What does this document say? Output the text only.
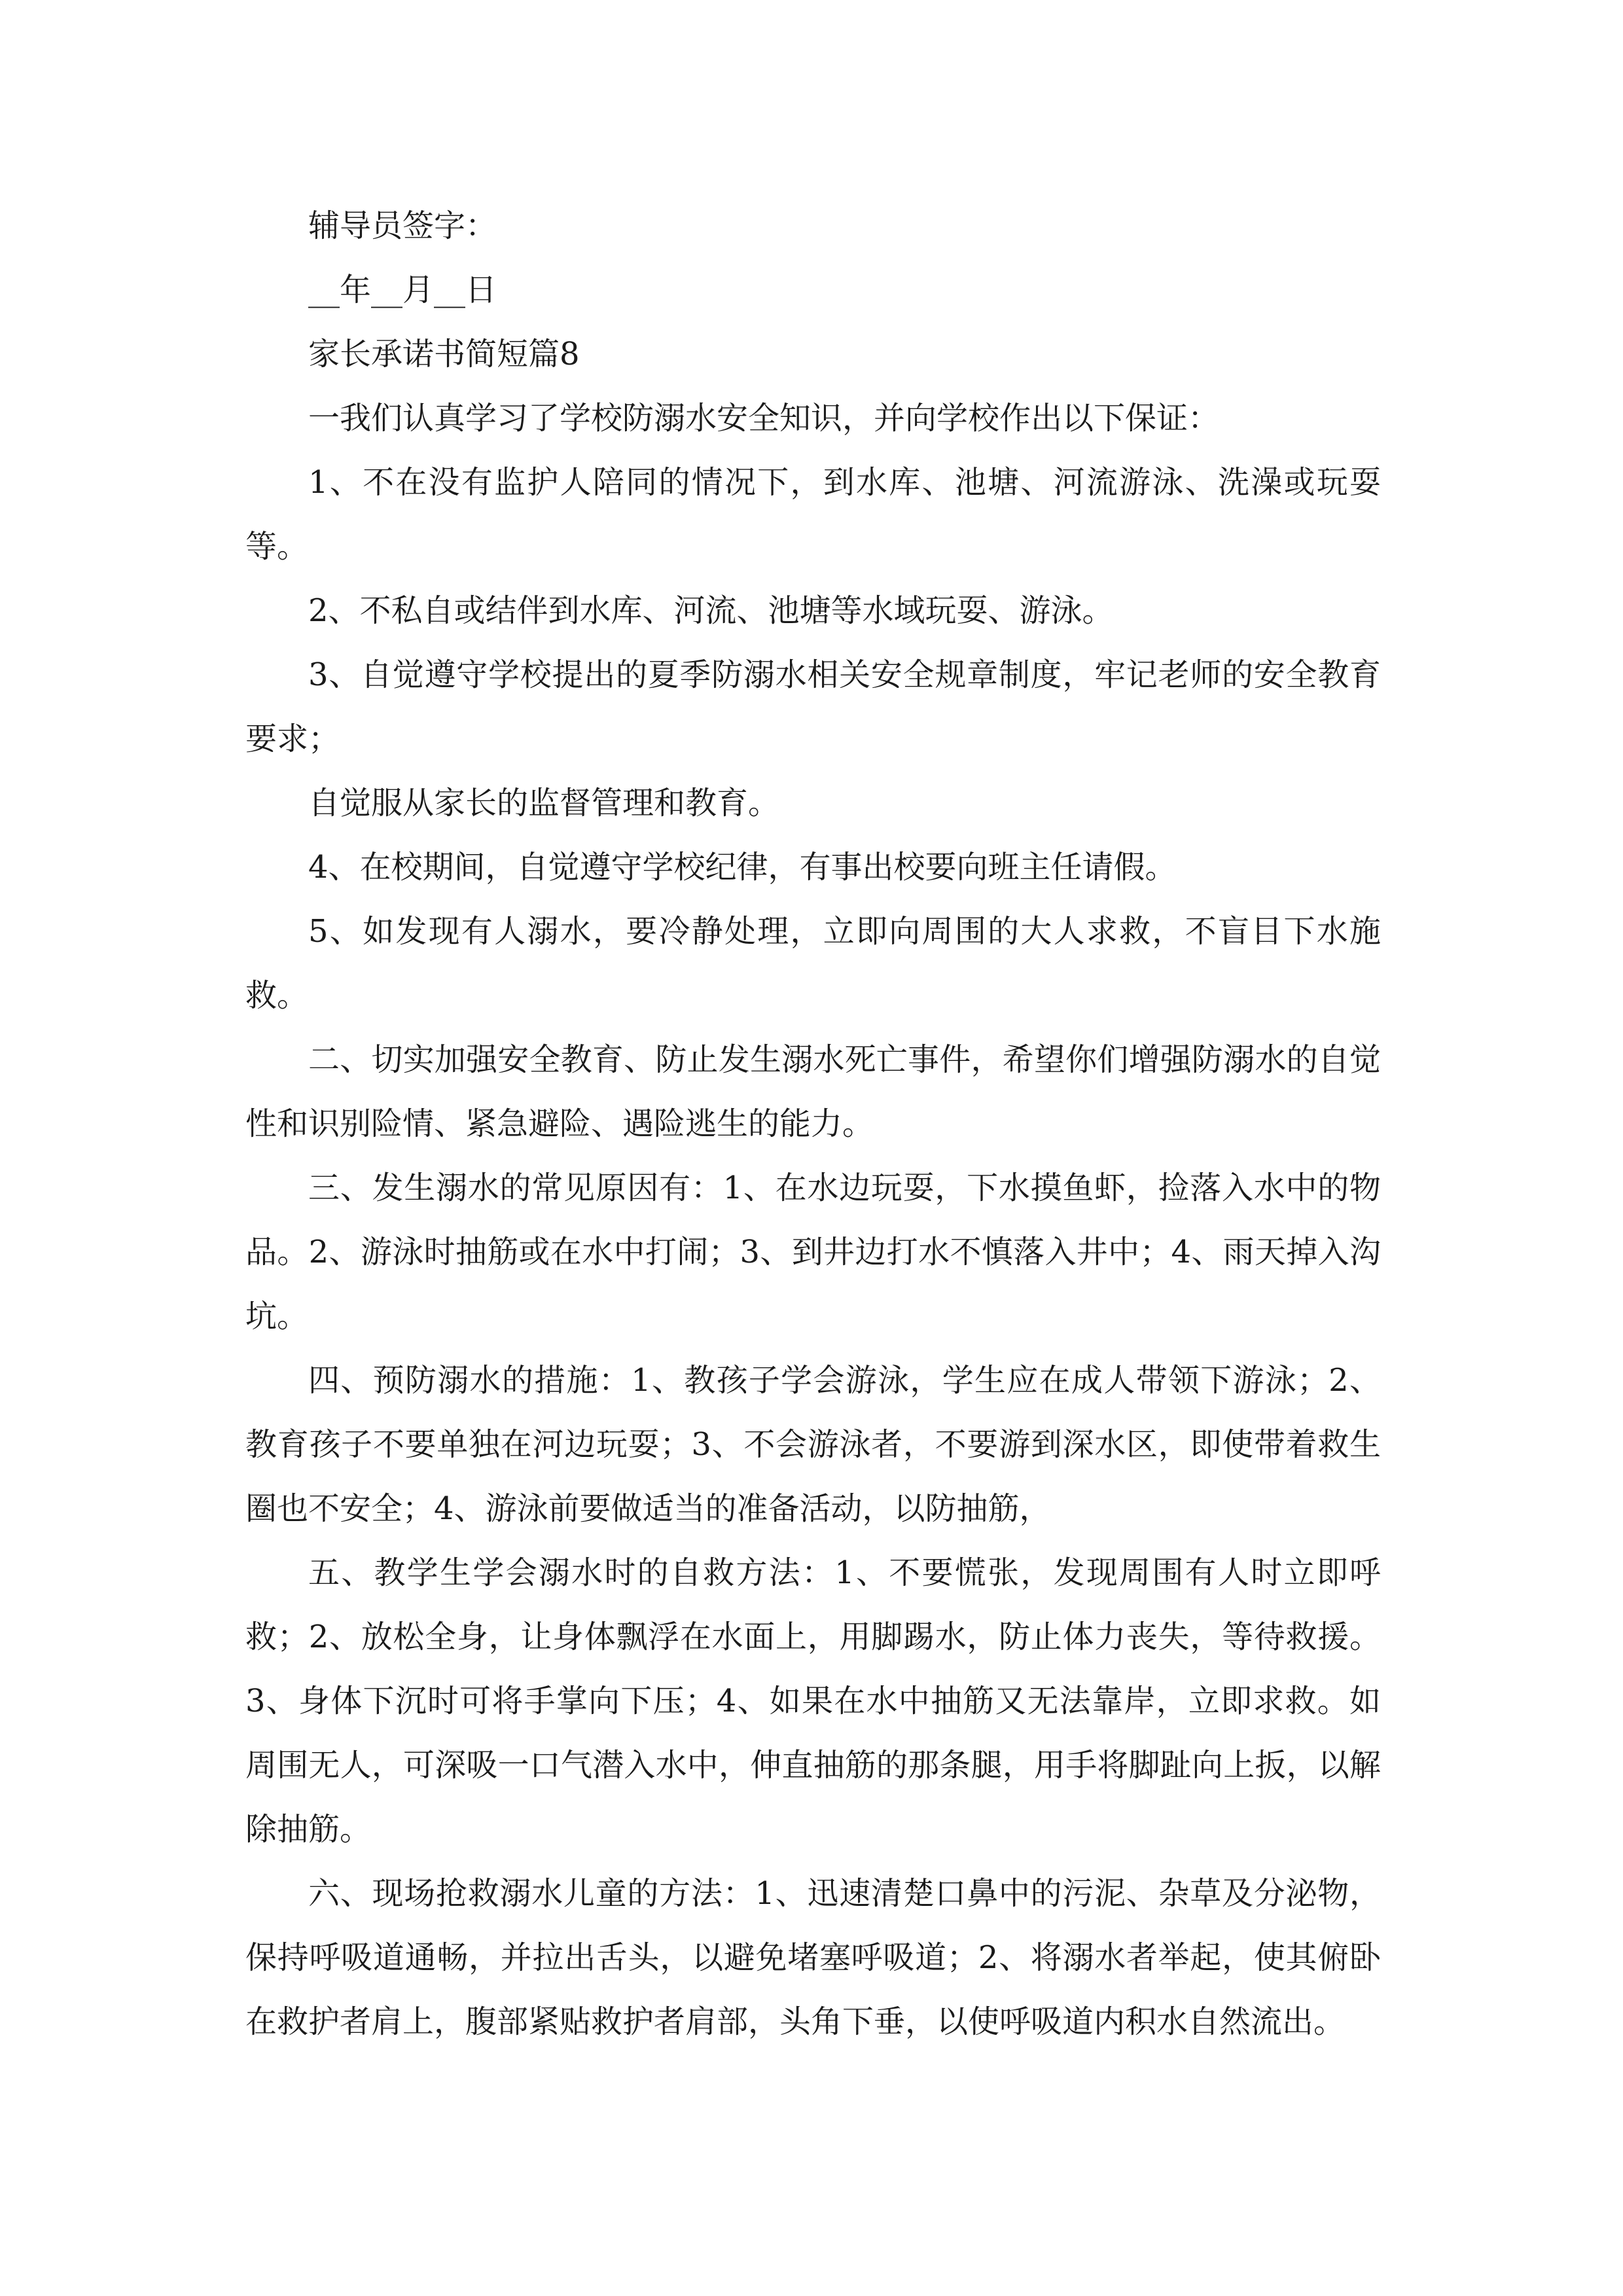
辅导员签字：

__年__月__日

家长承诺书简短篇8

一我们认真学习了学校防溺水安全知识，并向学校作出以下保证：

1、不在没有监护人陪同的情况下，到水库、池塘、河流游泳、洗澡或玩耍等。

2、不私自或结伴到水库、河流、池塘等水域玩耍、游泳。

3、自觉遵守学校提出的夏季防溺水相关安全规章制度，牢记老师的安全教育要求；

自觉服从家长的监督管理和教育。

4、在校期间，自觉遵守学校纪律，有事出校要向班主任请假。

5、如发现有人溺水，要冷静处理，立即向周围的大人求救，不盲目下水施救。

二、切实加强安全教育、防止发生溺水死亡事件，希望你们增强防溺水的自觉性和识别险情、紧急避险、遇险逃生的能力。

三、发生溺水的常见原因有：1、在水边玩耍，下水摸鱼虾，捡落入水中的物品。2、游泳时抽筋或在水中打闹；3、到井边打水不慎落入井中；4、雨天掉入沟坑。

四、预防溺水的措施：1、教孩子学会游泳，学生应在成人带领下游泳；2、教育孩子不要单独在河边玩耍；3、不会游泳者，不要游到深水区，即使带着救生圈也不安全；4、游泳前要做适当的准备活动，以防抽筋，

五、教学生学会溺水时的自救方法：1、不要慌张，发现周围有人时立即呼救；2、放松全身，让身体飘浮在水面上，用脚踢水，防止体力丧失，等待救援。3、身体下沉时可将手掌向下压；4、如果在水中抽筋又无法靠岸，立即求救。如周围无人，可深吸一口气潜入水中，伸直抽筋的那条腿，用手将脚趾向上扳，以解除抽筋。

六、现场抢救溺水儿童的方法：1、迅速清楚口鼻中的污泥、杂草及分泌物，保持呼吸道通畅，并拉出舌头，以避免堵塞呼吸道；2、将溺水者举起，使其俯卧在救护者肩上，腹部紧贴救护者肩部，头角下垂，以使呼吸道内积水自然流出。
